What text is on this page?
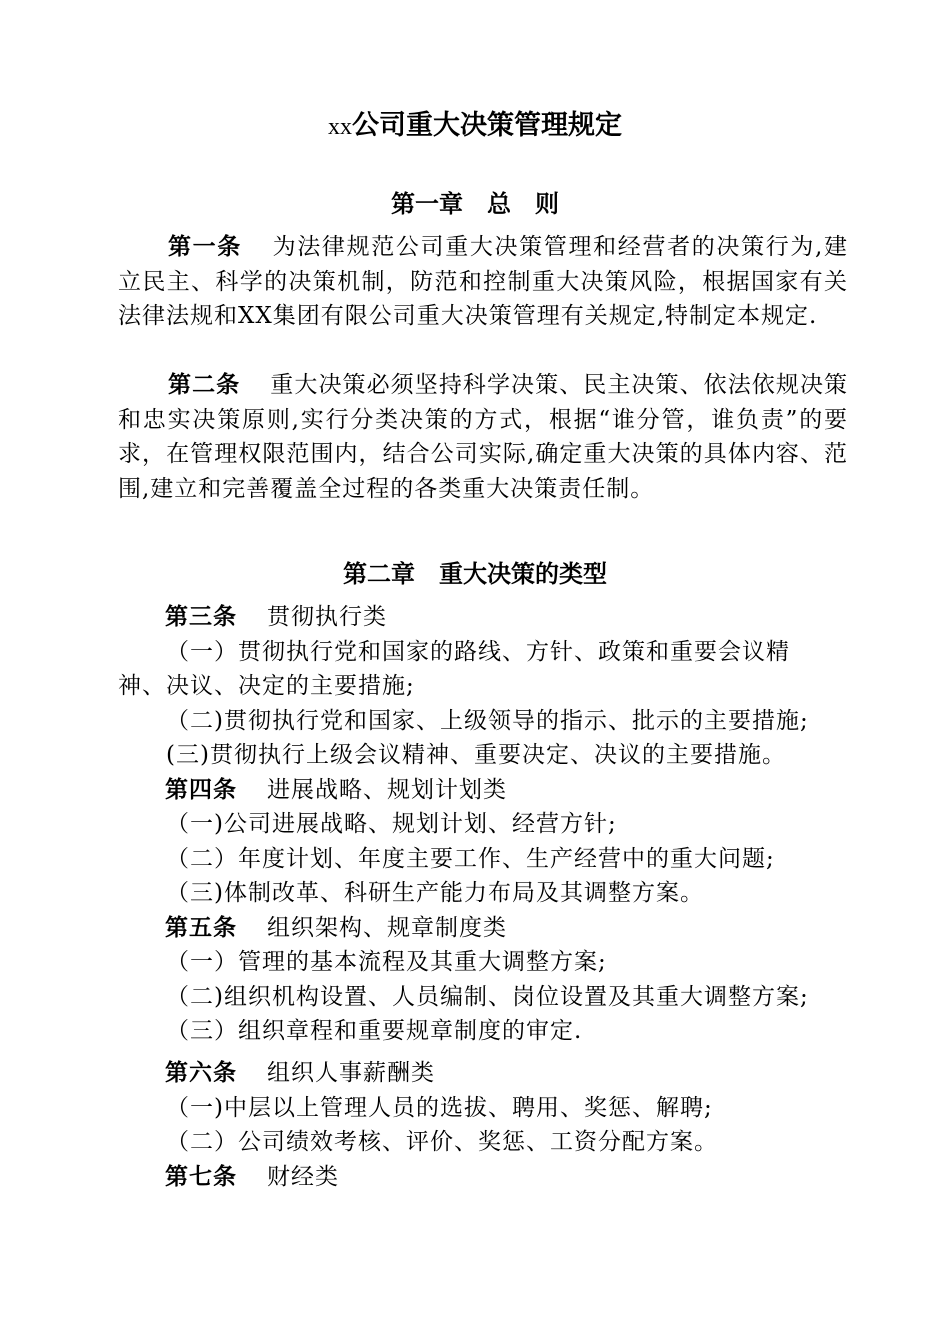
xx公司重大决策管理规定
第一章　总　则

第一条 为法律规范公司重大决策管理和经营者的决策行为,建立民主、科学的决策机制，防范和控制重大决策风险，根据国家有关法律法规和XX集团有限公司重大决策管理有关规定,特制定本规定.

第二条 重大决策必须坚持科学决策、民主决策、依法依规决策和忠实决策原则,实行分类决策的方式，根据“谁分管，谁负责”的要求，在管理权限范围内，结合公司实际,确定重大决策的具体内容、范围,建立和完善覆盖全过程的各类重大决策责任制。

第二章　重大决策的类型
第三条 贯彻执行类
（一）贯彻执行党和国家的路线、方针、政策和重要会议精
神、决议、决定的主要措施;
（二)贯彻执行党和国家、上级领导的指示、批示的主要措施;
(三)贯彻执行上级会议精神、重要决定、决议的主要措施。
第四条 进展战略、规划计划类
（一)公司进展战略、规划计划、经营方针;
（二）年度计划、年度主要工作、生产经营中的重大问题;
（三)体制改革、科研生产能力布局及其调整方案。
第五条 组织架构、规章制度类
（一）管理的基本流程及其重大调整方案;
（二)组织机构设置、人员编制、岗位设置及其重大调整方案;
（三）组织章程和重要规章制度的审定.
第六条 组织人事薪酬类
（一)中层以上管理人员的选拔、聘用、奖惩、解聘;
（二）公司绩效考核、评价、奖惩、工资分配方案。
第七条 财经类
